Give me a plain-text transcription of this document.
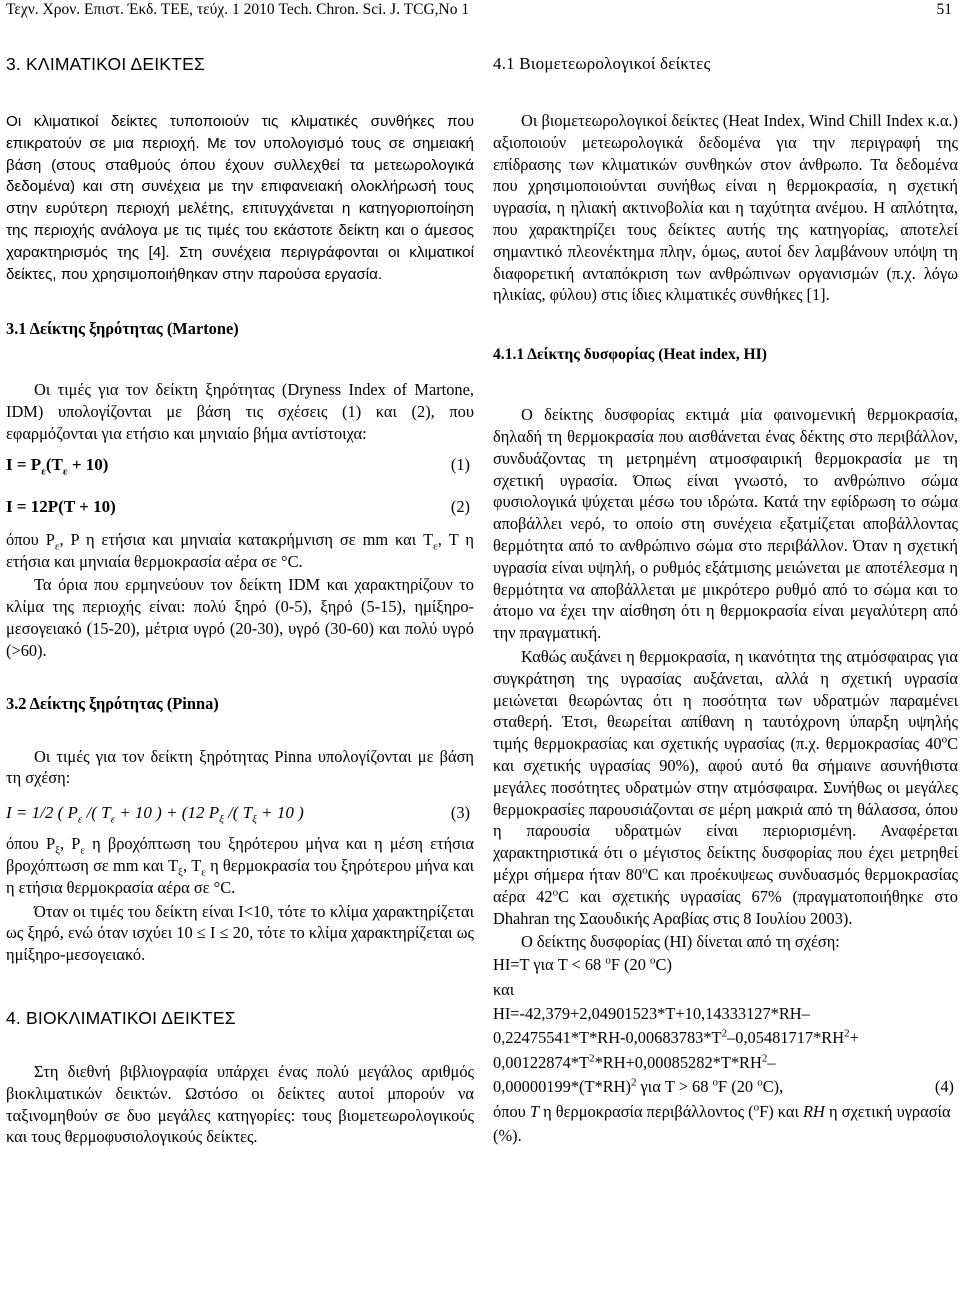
Τεχν. Χρον. Επιστ. Έκδ. ΤΕΕ, τεύχ. 1 2010 Tech. Chron. Sci. J. TCG,No 1	51
3. ΚΛΙΜΑΤΙΚΟΙ ΔΕΙΚΤΕΣ

Οι κλιματικοί δείκτες τυποποιούν τις κλιματικές συνθήκες που επικρατούν σε μια περιοχή. Με τον υπολογισμό τους σε σημειακή βάση (στους σταθμούς όπου έχουν συλλεχθεί τα μετεωρολογικά δεδομένα) και στη συνέχεια με την επιφανειακή ολοκλήρωσή τους στην ευρύτερη περιοχή μελέτης, επιτυγχάνεται η κατηγοριοποίηση της περιοχής ανάλογα με τις τιμές του εκάστοτε δείκτη και ο άμεσος χαρακτηρισμός της [4]. Στη συνέχεια περιγράφονται οι κλιματικοί δείκτες, που χρησιμοποιήθηκαν στην παρούσα εργασία.

3.1 Δείκτης ξηρότητας (Martone)

Οι τιμές για τον δείκτη ξηρότητας (Dryness Index of Martone, IDM) υπολογίζονται με βάση τις σχέσεις (1) και (2), που εφαρμόζονται για ετήσιο και μηνιαίο βήμα αντίστοιχα:

$I = P_\varepsilon(T_\varepsilon + 10)$	(1)
I = 12P(T + 10)	(2)

όπου $P_\varepsilon$, P η ετήσια και μηνιαία κατακρήμνιση σε mm και $T_\varepsilon$, T η ετήσια και μηνιαία θερμοκρασία αέρα σε °C.

Τα όρια που ερμηνεύουν τον δείκτη IDM και χαρακτηρίζουν το κλίμα της περιοχής είναι: πολύ ξηρό (0-5), ξηρό (5-15), ημίξηρο-μεσογειακό (15-20), μέτρια υγρό (20-30), υγρό (30-60) και πολύ υγρό (>60).

3.2 Δείκτης ξηρότητας (Pinna)

Οι τιμές για τον δείκτη ξηρότητας Pinna υπολογίζονται με βάση τη σχέση:

I = 1/2 ( $P_\varepsilon$ /( $T_\varepsilon + 10$ ) + (12 $P_\xi$ /( $T_\xi + 10$ )	(3)

όπου $P_\xi$, $P_\varepsilon$ η βροχόπτωση του ξηρότερου μήνα και η μέση ετήσια βροχόπτωση σε mm και $T_\xi$, $T_\varepsilon$ η θερμοκρασία του ξηρότερου μήνα και η ετήσια θερμοκρασία αέρα σε °C.

Όταν οι τιμές του δείκτη είναι I<10, τότε το κλίμα χαρακτηρίζεται ως ξηρό, ενώ όταν ισχύει 10 ≤ I ≤ 20, τότε το κλίμα χαρακτηρίζεται ως ημίξηρο-μεσογειακό.

4. ΒΙΟΚΛΙΜΑΤΙΚΟΙ ΔΕΙΚΤΕΣ

Στη διεθνή βιβλιογραφία υπάρχει ένας πολύ μεγάλος αριθμός βιοκλιματικών δεικτών. Ωστόσο οι δείκτες αυτοί μπορούν να ταξινομηθούν σε δυο μεγάλες κατηγορίες: τους βιομετεωρολογικούς και τους θερμοφυσιολογικούς δείκτες.

4.1 Βιομετεωρολογικοί δείκτες

Οι βιομετεωρολογικοί δείκτες (Heat Index, Wind Chill Index κ.α.) αξιοποιούν μετεωρολογικά δεδομένα για την περιγραφή της επίδρασης των κλιματικών συνθηκών στον άνθρωπο. Τα δεδομένα που χρησιμοποιούνται συνήθως είναι η θερμοκρασία, η σχετική υγρασία, η ηλιακή ακτινοβολία και η ταχύτητα ανέμου. Η απλότητα, που χαρακτηρίζει τους δείκτες αυτής της κατηγορίας, αποτελεί σημαντικό πλεονέκτημα πλην, όμως, αυτοί δεν λαμβάνουν υπόψη τη διαφορετική ανταπόκριση των ανθρώπινων οργανισμών (π.χ. λόγω ηλικίας, φύλου) στις ίδιες κλιματικές συνθήκες [1].

4.1.1 Δείκτης δυσφορίας (Heat index, HI)

Ο δείκτης δυσφορίας εκτιμά μία φαινομενική θερμοκρασία, δηλαδή τη θερμοκρασία που αισθάνεται ένας δέκτης στο περιβάλλον, συνδυάζοντας τη μετρημένη ατμοσφαιρική θερμοκρασία με τη σχετική υγρασία. Όπως είναι γνωστό, το ανθρώπινο σώμα φυσιολογικά ψύχεται μέσω του ιδρώτα. Κατά την εφίδρωση το σώμα αποβάλλει νερό, το οποίο στη συνέχεια εξατμίζεται αποβάλλοντας θερμότητα από το ανθρώπινο σώμα στο περιβάλλον. Όταν η σχετική υγρασία είναι υψηλή, ο ρυθμός εξάτμισης μειώνεται με αποτέλεσμα η θερμότητα να αποβάλλεται με μικρότερο ρυθμό από το σώμα και το άτομο να έχει την αίσθηση ότι η θερμοκρασία είναι μεγαλύτερη από την πραγματική.

Καθώς αυξάνει η θερμοκρασία, η ικανότητα της ατμόσφαιρας για συγκράτηση της υγρασίας αυξάνεται, αλλά η σχετική υγρασία μειώνεται θεωρώντας ότι η ποσότητα των υδρατμών παραμένει σταθερή. Έτσι, θεωρείται απίθανη η ταυτόχρονη ύπαρξη υψηλής τιμής θερμοκρασίας και σχετικής υγρασίας (π.χ. θερμοκρασίας 40$^o$C και σχετικής υγρασίας 90%), αφού αυτό θα σήμαινε ασυνήθιστα μεγάλες ποσότητες υδρατμών στην ατμόσφαιρα. Συνήθως οι μεγάλες θερμοκρασίες παρουσιάζονται σε μέρη μακριά από τη θάλασσα, όπου η παρουσία υδρατμών είναι περιορισμένη. Αναφέρεται χαρακτηριστικά ότι ο μέγιστος δείκτης δυσφορίας που έχει μετρηθεί μέχρι σήμερα ήταν 80$^o$C και προέκυψεως συνδυασμός θερμοκρασίας αέρα 42$^o$C και σχετικής υγρασίας 67% (πραγματοποιήθηκε στο Dhahran της Σαουδικής Αραβίας στις 8 Ιουλίου 2003).

Ο δείκτης δυσφορίας (HI) δίνεται από τη σχέση:

HI=T για T < 68 $^o$F (20 $^o$C)
και
HI=-42,379+2,04901523*T+10,14333127*RH–
$0,22475541*T*RH-0,00683783*T^2-0,05481717*RH^2+$
$0,00122874*T^2*RH+0,00085282*T*RH^2-$
$0,00000199*(T*RH)^2$ για T > 68 $^o$F (20 $^o$C),	(4)
όπου T η θερμοκρασία περιβάλλοντος ($^o$F) και RH η σχετική υγρασία (%).
